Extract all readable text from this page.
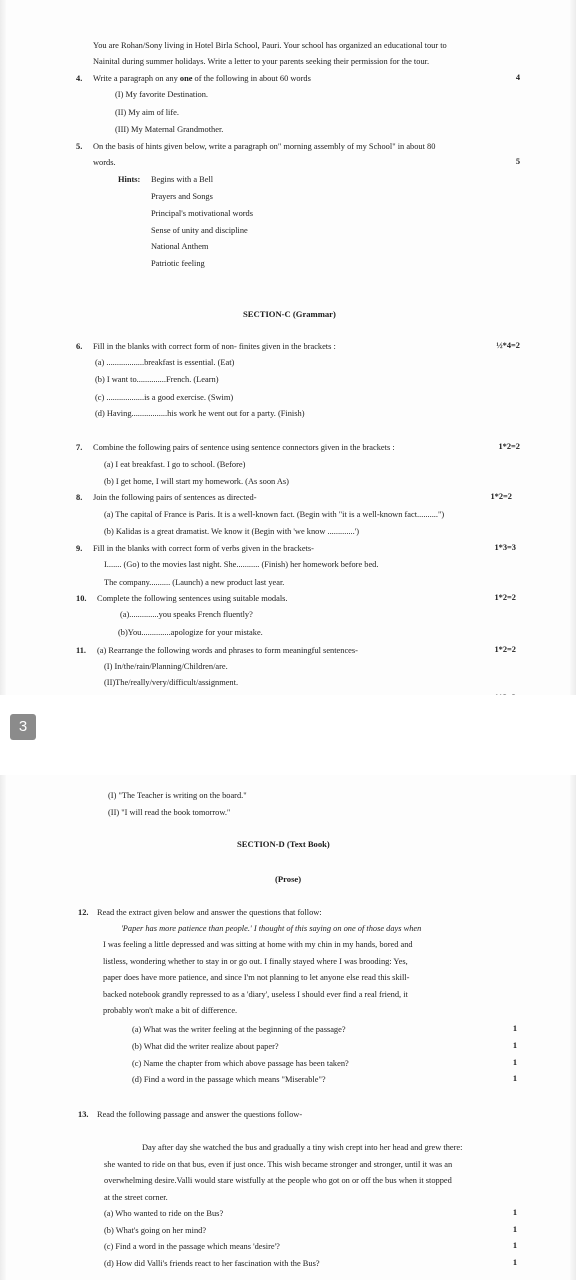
You are Rohan/Sony living in Hotel Birla School, Pauri. Your school has organized an educational tour to
Nainital during summer holidays. Write a letter to your parents seeking their permission for the tour.
4. Write a paragraph on any one of the following in about 60 words	4
(I) My favorite Destination.
(II) My aim of life.
(III) My Maternal Grandmother.
5. On the basis of hints given below, write a paragraph on" morning assembly of my School" in about 80
words.	5
Hints: Begins with a Bell
Prayers and Songs
Principal's motivational words
Sense of unity and discipline
National Anthem
Patriotic feeling
SECTION-C (Grammar)
6. Fill in the blanks with correct form of non- finites given in the brackets :	½*4=2
(a) ..................breakfast is essential. (Eat)
(b) I want to..............French. (Learn)
(c) ..................is a good exercise. (Swim)
(d) Having.................his work he went out for a party. (Finish)
7. Combine the following pairs of sentence using sentence connectors given in the brackets :	1*2=2
(a) I eat breakfast. I go to school. (Before)
(b) I get home, I will start my homework. (As soon As)
8. Join the following pairs of sentences as directed-	1*2=2
(a) The capital of France is Paris. It is a well-known fact. (Begin with "it is a well-known fact..........")
(b) Kalidas is a great dramatist. We know it (Begin with 'we know .............')
9. Fill in the blanks with correct form of verbs given in the brackets-	1*3=3
I....... (Go) to the movies last night. She........... (Finish) her homework before bed.
The company.......... (Launch) a new product last year.
10. Complete the following sentences using suitable modals.	1*2=2
(a)..............you speaks French fluently?
(b)You..............apologize for your mistake.
11. (a) Rearrange the following words and phrases to form meaningful sentences-	1*2=2
(I) In/the/rain/Planning/Children/are.
(II)The/really/very/difficult/assignment.
3
(I) "The Teacher is writing on the board."
(II) "I will read the book tomorrow."
SECTION-D (Text Book)
(Prose)
12. Read the extract given below and answer the questions that follow:
'Paper has more patience than people.' I thought of this saying on one of those days when
I was feeling a little depressed and was sitting at home with my chin in my hands, bored and
listless, wondering whether to stay in or go out. I finally stayed where I was brooding: Yes,
paper does have more patience, and since I'm not planning to let anyone else read this skill-
backed notebook grandly repressed to as a 'diary', useless I should ever find a real friend, it
probably won't make a bit of difference.
(a) What was the writer feeling at the beginning of the passage?	1
(b) What did the writer realize about paper?	1
(c) Name the chapter from which above passage has been taken?	1
(d) Find a word in the passage which means "Miserable"?	1
13. Read the following passage and answer the questions follow-
Day after day she watched the bus and gradually a tiny wish crept into her head and grew there:
she wanted to ride on that bus, even if just once. This wish became stronger and stronger, until it was an
overwhelming desire.Valli would stare wistfully at the people who got on or off the bus when it stopped
at the street corner.
(a) Who wanted to ride on the Bus?	1
(b) What's going on her mind?	1
(c) Find a word in the passage which means 'desire'?	1
(d) How did Valli's friends react to her fascination with the Bus?	1
